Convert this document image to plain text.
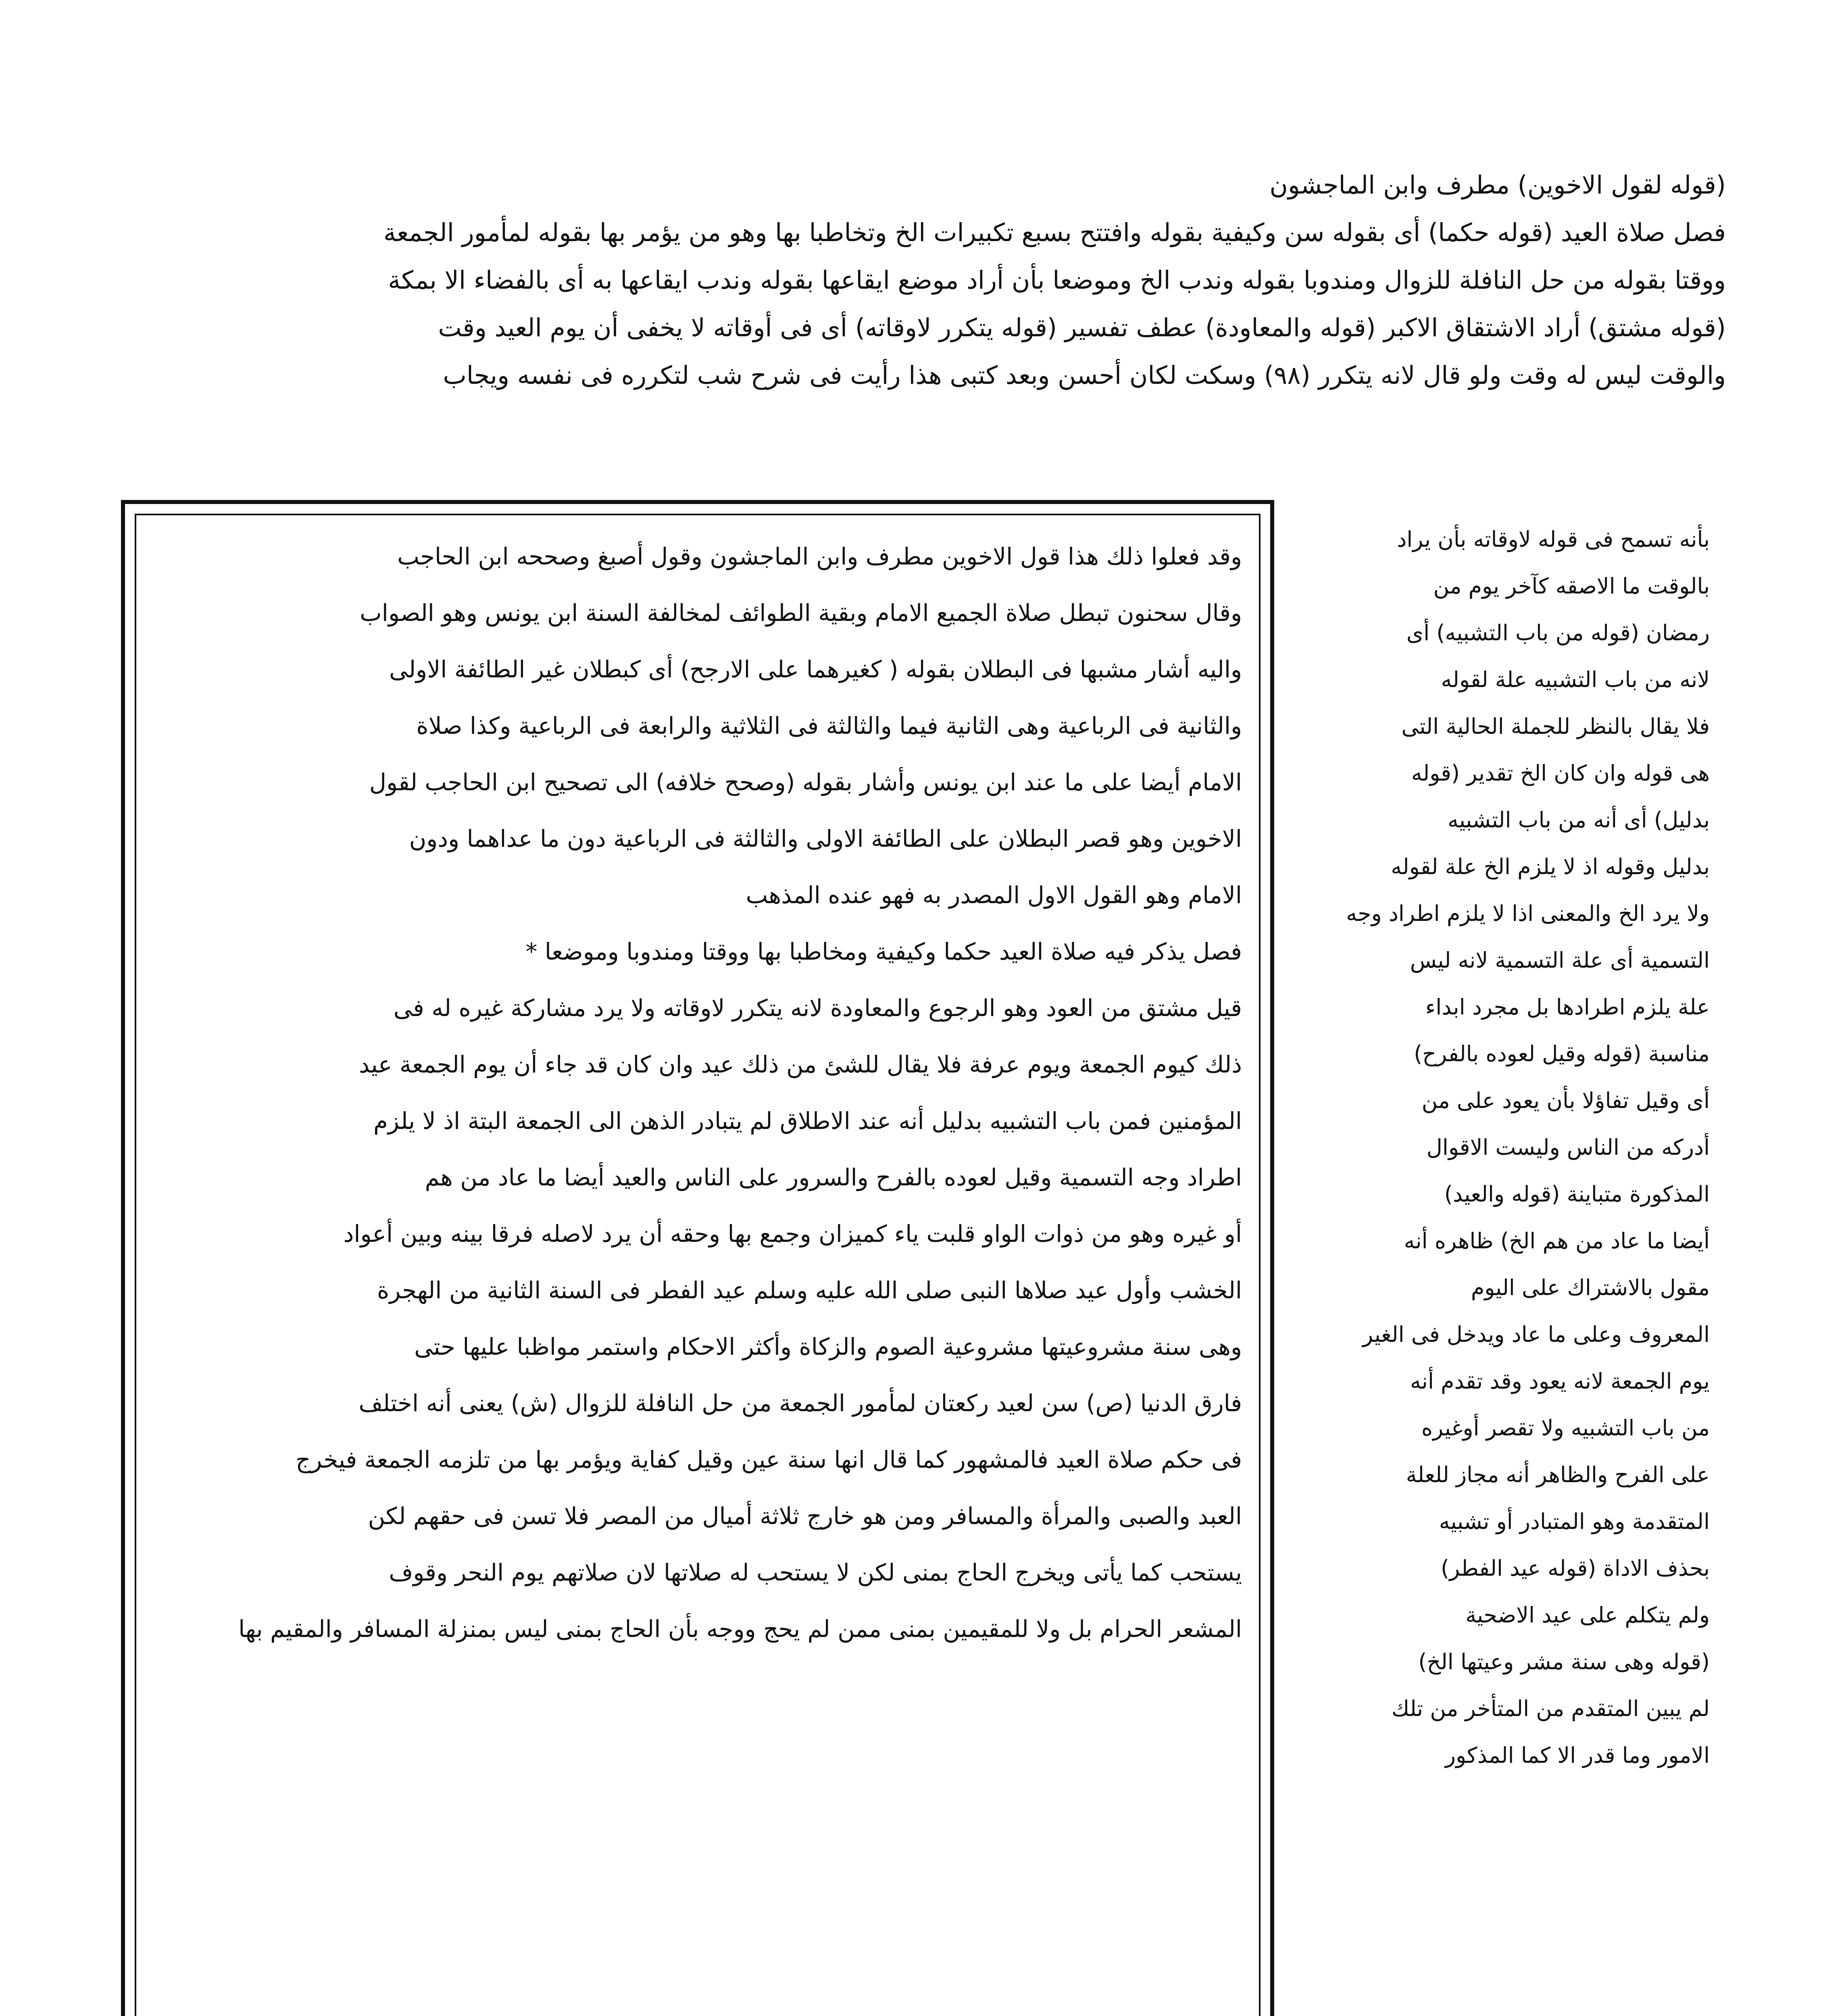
(قوله لقول الاخوين) مطرف وابن الماجشون

فصل صلاة العيد (قوله حكما) أى بقوله سن وكيفية بقوله وافتتح بسبع تكبيرات الخ وتخاطبا بها وهو من يؤمر بها بقوله لمأمور الجمعة

ووقتا بقوله من حل النافلة للزوال ومندوبا بقوله وندب الخ وموضعا بأن أراد موضع ايقاعها بقوله وندب ايقاعها به أى بالفضاء الا بمكة

(قوله مشتق) أراد الاشتقاق الاكبر (قوله والمعاودة) عطف تفسير (قوله يتكرر لاوقاته) أى فى أوقاته لا يخفى أن يوم العيد وقت

والوقت ليس له وقت ولو قال لانه يتكرر (٩٨) وسكت لكان أحسن وبعد كتبى هذا رأيت فى شرح شب لتكرره فى نفسه ويجاب

بأنه تسمح فى قوله لاوقاته بأن يراد

بالوقت ما الاصقه كآخر يوم من

رمضان (قوله من باب التشبيه) أى

لانه من باب التشبيه علة لقوله

فلا يقال بالنظر للجملة الحالية التى

هى قوله وان كان الخ تقدير (قوله

بدليل) أى أنه من باب التشبيه

بدليل وقوله اذ لا يلزم الخ علة لقوله

ولا يرد الخ والمعنى اذا لا يلزم اطراد وجه

التسمية أى علة التسمية لانه ليس

علة يلزم اطرادها بل مجرد ابداء

مناسبة (قوله وقيل لعوده بالفرح)

أى وقيل تفاؤلا بأن يعود على من

أدركه من الناس وليست الاقوال

المذكورة متباينة (قوله والعيد)

أيضا ما عاد من هم الخ) ظاهره أنه

مقول بالاشتراك على اليوم

المعروف وعلى ما عاد ويدخل فى الغير

يوم الجمعة لانه يعود وقد تقدم أنه

من باب التشبيه ولا تقصر أوغيره

على الفرح والظاهر أنه مجاز للعلة

المتقدمة وهو المتبادر أو تشبيه

بحذف الاداة (قوله عيد الفطر)

ولم يتكلم على عيد الاضحية

(قوله وهى سنة مشر وعيتها الخ)

لم يبين المتقدم من المتأخر من تلك

الامور وما قدر الا كما المذكور

وقد فعلوا ذلك هذا قول الاخوين مطرف وابن الماجشون وقول أصبغ وصححه ابن الحاجب

وقال سحنون تبطل صلاة الجميع الامام وبقية الطوائف لمخالفة السنة ابن يونس وهو الصواب

واليه أشار مشبها فى البطلان بقوله ( كغيرهما على الارجح) أى كبطلان غير الطائفة الاولى

والثانية فى الرباعية وهى الثانية فيما والثالثة فى الثلاثية والرابعة فى الرباعية وكذا صلاة

الامام أيضا على ما عند ابن يونس وأشار بقوله (وصحح خلافه) الى تصحيح ابن الحاجب لقول

الاخوين وهو قصر البطلان على الطائفة الاولى والثالثة فى الرباعية دون ما عداهما ودون

الامام وهو القول الاول المصدر به فهو عنده المذهب

فصل يذكر فيه صلاة العيد حكما وكيفية ومخاطبا بها ووقتا ومندوبا وموضعا *

قيل مشتق من العود وهو الرجوع والمعاودة لانه يتكرر لاوقاته ولا يرد مشاركة غيره له فى

ذلك كيوم الجمعة ويوم عرفة فلا يقال للشئ من ذلك عيد وان كان قد جاء أن يوم الجمعة عيد

المؤمنين فمن باب التشبيه بدليل أنه عند الاطلاق لم يتبادر الذهن الى الجمعة البتة اذ لا يلزم

اطراد وجه التسمية وقيل لعوده بالفرح والسرور على الناس والعيد أيضا ما عاد من هم

أو غيره وهو من ذوات الواو قلبت ياء كميزان وجمع بها وحقه أن يرد لاصله فرقا بينه وبين أعواد

الخشب وأول عيد صلاها النبى صلى الله عليه وسلم عيد الفطر فى السنة الثانية من الهجرة

وهى سنة مشروعيتها مشروعية الصوم والزكاة وأكثر الاحكام واستمر مواظبا عليها حتى

فارق الدنيا (ص) سن لعيد ركعتان لمأمور الجمعة من حل النافلة للزوال (ش) يعنى أنه اختلف

فى حكم صلاة العيد فالمشهور كما قال انها سنة عين وقيل كفاية ويؤمر بها من تلزمه الجمعة فيخرج

العبد والصبى والمرأة والمسافر ومن هو خارج ثلاثة أميال من المصر فلا تسن فى حقهم لكن

يستحب كما يأتى ويخرج الحاج بمنى لكن لا يستحب له صلاتها لان صلاتهم يوم النحر وقوف

المشعر الحرام بل ولا للمقيمين بمنى ممن لم يحج ووجه بأن الحاج بمنى ليس بمنزلة المسافر والمقيم بها
